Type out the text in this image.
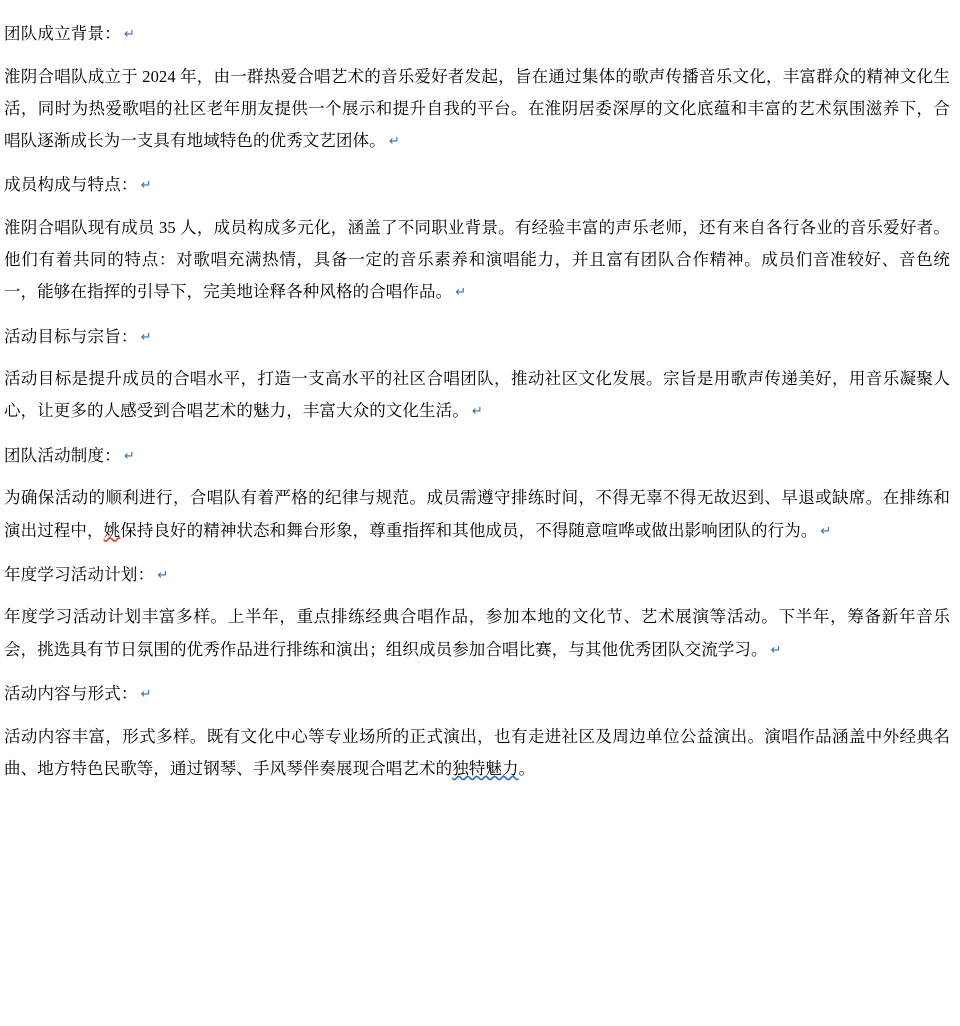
团队成立背景： ↵
淮阴合唱队成立于 2024 年，由一群热爱合唱艺术的音乐爱好者发起，旨在通过集体的歌声传播音乐文化，丰富群众的精神文化生活，同时为热爱歌唱的社区老年朋友提供一个展示和提升自我的平台。在淮阴居委深厚的文化底蕴和丰富的艺术氛围滋养下，合唱队逐渐成长为一支具有地域特色的优秀文艺团体。 ↵
成员构成与特点： ↵
淮阴合唱队现有成员 35 人，成员构成多元化，涵盖了不同职业背景。有经验丰富的声乐老师，还有来自各行各业的音乐爱好者。他们有着共同的特点：对歌唱充满热情，具备一定的音乐素养和演唱能力，并且富有团队合作精神。成员们音准较好、音色统一，能够在指挥的引导下，完美地诠释各种风格的合唱作品。 ↵
活动目标与宗旨： ↵
活动目标是提升成员的合唱水平，打造一支高水平的社区合唱团队，推动社区文化发展。宗旨是用歌声传递美好，用音乐凝聚人心，让更多的人感受到合唱艺术的魅力，丰富大众的文化生活。 ↵
团队活动制度： ↵
为确保活动的顺利进行，合唱队有着严格的纪律与规范。成员需遵守排练时间，不得无辜不得无故迟到、早退或缺席。在排练和演出过程中，姚保持良好的精神状态和舞台形象，尊重指挥和其他成员，不得随意喧哗或做出影响团队的行为。 ↵
年度学习活动计划： ↵
年度学习活动计划丰富多样。上半年，重点排练经典合唱作品，参加本地的文化节、艺术展演等活动。下半年，筹备新年音乐会，挑选具有节日氛围的优秀作品进行排练和演出；组织成员参加合唱比赛，与其他优秀团队交流学习。 ↵
活动内容与形式： ↵
活动内容丰富，形式多样。既有文化中心等专业场所的正式演出，也有走进社区及周边单位公益演出。演唱作品涵盖中外经典名曲、地方特色民歌等，通过钢琴、手风琴伴奏展现合唱艺术的独特魅力。
